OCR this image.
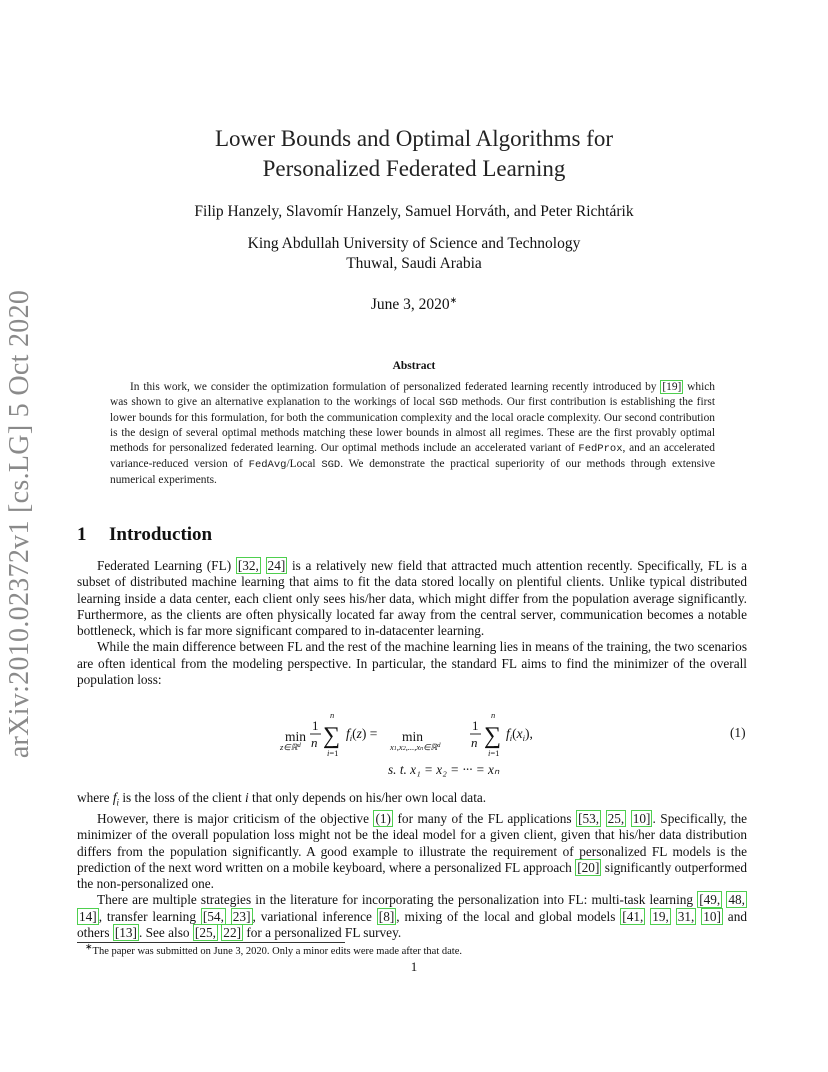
arXiv:2010.02372v1 [cs.LG] 5 Oct 2020
Lower Bounds and Optimal Algorithms for
Personalized Federated Learning
Filip Hanzely, Slavomír Hanzely, Samuel Horváth, and Peter Richtárik
King Abdullah University of Science and Technology
Thuwal, Saudi Arabia
June 3, 2020∗
Abstract
In this work, we consider the optimization formulation of personalized federated learning recently introduced by [19] which was shown to give an alternative explanation to the workings of local SGD methods. Our first contribution is establishing the first lower bounds for this formulation, for both the communication complexity and the local oracle complexity. Our second contribution is the design of several optimal methods matching these lower bounds in almost all regimes. These are the first provably optimal methods for personalized federated learning. Our optimal methods include an accelerated variant of FedProx, and an accelerated variance-reduced version of FedAvg/Local SGD. We demonstrate the practical superiority of our methods through extensive numerical experiments.
1 Introduction

Federated Learning (FL) [32, 24] is a relatively new field that attracted much attention recently. Specifically, FL is a subset of distributed machine learning that aims to fit the data stored locally on plentiful clients. Unlike typical distributed learning inside a data center, each client only sees his/her data, which might differ from the population average significantly. Furthermore, as the clients are often physically located far away from the central server, communication becomes a notable bottleneck, which is far more significant compared to in-datacenter learning.

While the main difference between FL and the rest of the machine learning lies in means of the training, the two scenarios are often identical from the modeling perspective. In particular, the standard FL aims to find the minimizer of the overall population loss:

min
z∈ℝ$^d$
1
n
n
∑
i=1
$f_i(z) = \min$
x1,x2,...,xn∈ℝ$^d$
1
n
n
∑
i=1
$f_i(x_i)$,	(1)
s. t. x₁ = x₂ = ··· = xₙ

where $f_i$ is the loss of the client i that only depends on his/her own local data.

However, there is major criticism of the objective (1) for many of the FL applications [53, 25, 10] . Specifically, the minimizer of the overall population loss might not be the ideal model for a given client, given that his/her data distribution differs from the population significantly. A good example to illustrate the requirement of personalized FL models is the prediction of the next word written on a mobile keyboard, where a personalized FL approach [20] significantly outperformed the non-personalized one.

There are multiple strategies in the literature for incorporating the personalization into FL: multi-task learning [49, 48, 14] , transfer learning [54, 23] , variational inference [8] , mixing of the local and global models [41, 19, 31, 10] and others [13] . See also [25, 22] for a personalized FL survey.

∗The paper was submitted on June 3, 2020. Only a minor edits were made after that date.
1
